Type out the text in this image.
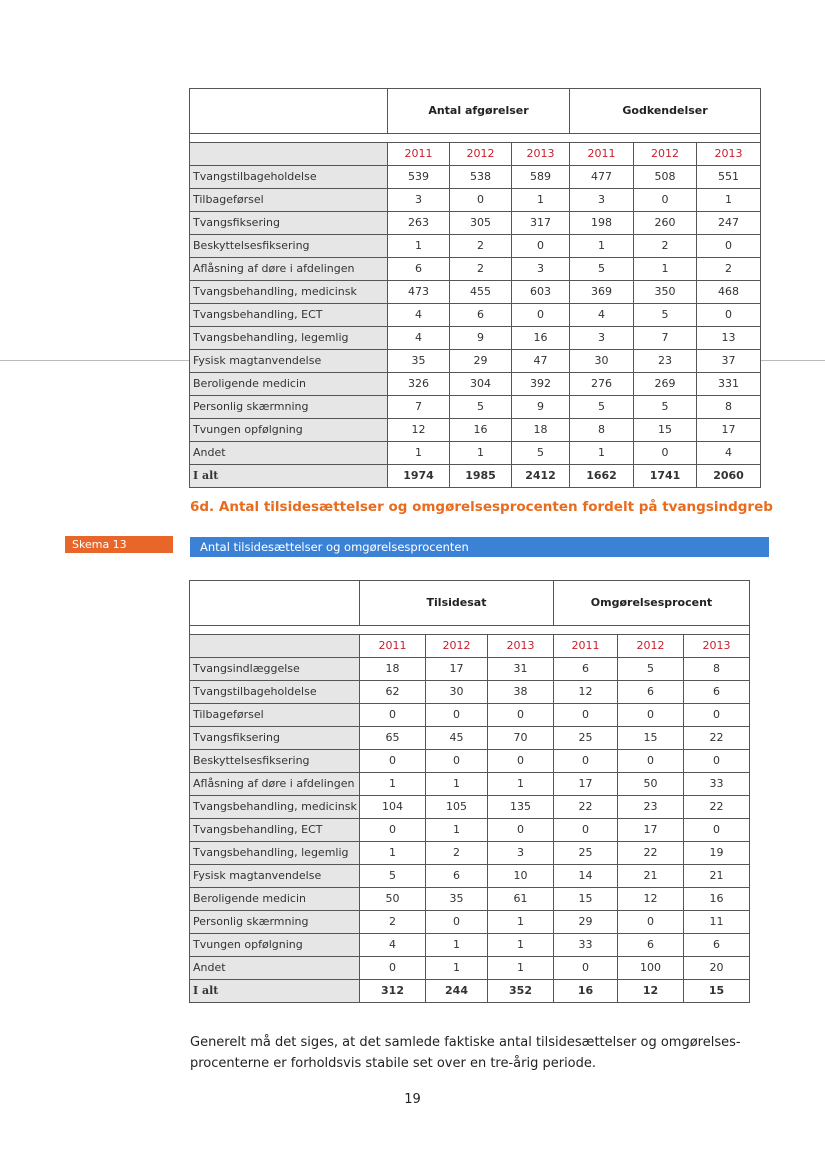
	Antal afgørelser			Godkendelser		

	2011	2012	2013	2011	2012	2013
Tvangstilbageholdelse	539	538	589	477	508	551
Tilbageførsel	3	0	1	3	0	1
Tvangsfiksering	263	305	317	198	260	247
Beskyttelsesfiksering	1	2	0	1	2	0
Aflåsning af døre i afdelingen	6	2	3	5	1	2
Tvangsbehandling, medicinsk	473	455	603	369	350	468
Tvangsbehandling, ECT	4	6	0	4	5	0
Tvangsbehandling, legemlig	4	9	16	3	7	13
Fysisk magtanvendelse	35	29	47	30	23	37
Beroligende medicin	326	304	392	276	269	331
Personlig skærmning	7	5	9	5	5	8
Tvungen opfølgning	12	16	18	8	15	17
Andet	1	1	5	1	0	4
I alt	1974	1985	2412	1662	1741	2060
6d. Antal tilsidesættelser og omgørelsesprocenten fordelt på tvangsindgreb
Skema 13	Antal tilsidesættelser og omgørelsesprocenten
	Tilsidesat			Omgørelsesprocent		

	2011	2012	2013	2011	2012	2013
Tvangsindlæggelse	18	17	31	6	5	8
Tvangstilbageholdelse	62	30	38	12	6	6
Tilbageførsel	0	0	0	0	0	0
Tvangsfiksering	65	45	70	25	15	22
Beskyttelsesfiksering	0	0	0	0	0	0
Aflåsning af døre i afdelingen	1	1	1	17	50	33
Tvangsbehandling, medicinsk	104	105	135	22	23	22
Tvangsbehandling, ECT	0	1	0	0	17	0
Tvangsbehandling, legemlig	1	2	3	25	22	19
Fysisk magtanvendelse	5	6	10	14	21	21
Beroligende medicin	50	35	61	15	12	16
Personlig skærmning	2	0	1	29	0	11
Tvungen opfølgning	4	1	1	33	6	6
Andet	0	1	1	0	100	20
I alt	312	244	352	16	12	15
Generelt må det siges, at det samlede faktiske antal tilsidesættelser og omgørelses-
procenterne er forholdsvis stabile set over en tre-årig periode.
19
